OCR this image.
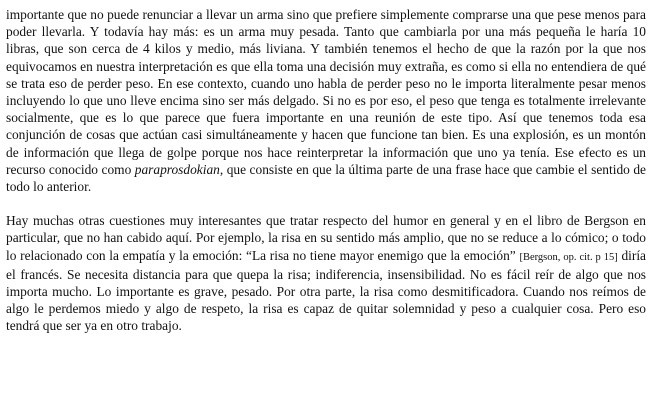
importante que no puede renunciar a llevar un arma sino que prefiere simplemente comprarse una que pese menos para poder llevarla. Y todavía hay más: es un arma muy pesada. Tanto que cambiarla por una más pequeña le haría 10 libras, que son cerca de 4 kilos y medio, más liviana. Y también tenemos el hecho de que la razón por la que nos equivocamos en nuestra interpretación es que ella toma una decisión muy extraña, es como si ella no entendiera de qué se trata eso de perder peso. En ese contexto, cuando uno habla de perder peso no le importa literalmente pesar menos incluyendo lo que uno lleve encima sino ser más delgado. Si no es por eso, el peso que tenga es totalmente irrelevante socialmente, que es lo que parece que fuera importante en una reunión de este tipo. Así que tenemos toda esa conjunción de cosas que actúan casi simultáneamente y hacen que funcione tan bien. Es una explosión, es un montón de información que llega de golpe porque nos hace reinterpretar la información que uno ya tenía. Ese efecto es un recurso conocido como paraprosdokian, que consiste en que la última parte de una frase hace que cambie el sentido de todo lo anterior.

Hay muchas otras cuestiones muy interesantes que tratar respecto del humor en general y en el libro de Bergson en particular, que no han cabido aquí. Por ejemplo, la risa en su sentido más amplio, que no se reduce a lo cómico; o todo lo relacionado con la empatía y la emoción: “La risa no tiene mayor enemigo que la emoción” [Bergson, op. cit. p 15] diría el francés. Se necesita distancia para que quepa la risa; indiferencia, insensibilidad. No es fácil reír de algo que nos importa mucho. Lo importante es grave, pesado. Por otra parte, la risa como desmitificadora. Cuando nos reímos de algo le perdemos miedo y algo de respeto, la risa es capaz de quitar solemnidad y peso a cualquier cosa. Pero eso tendrá que ser ya en otro trabajo.
